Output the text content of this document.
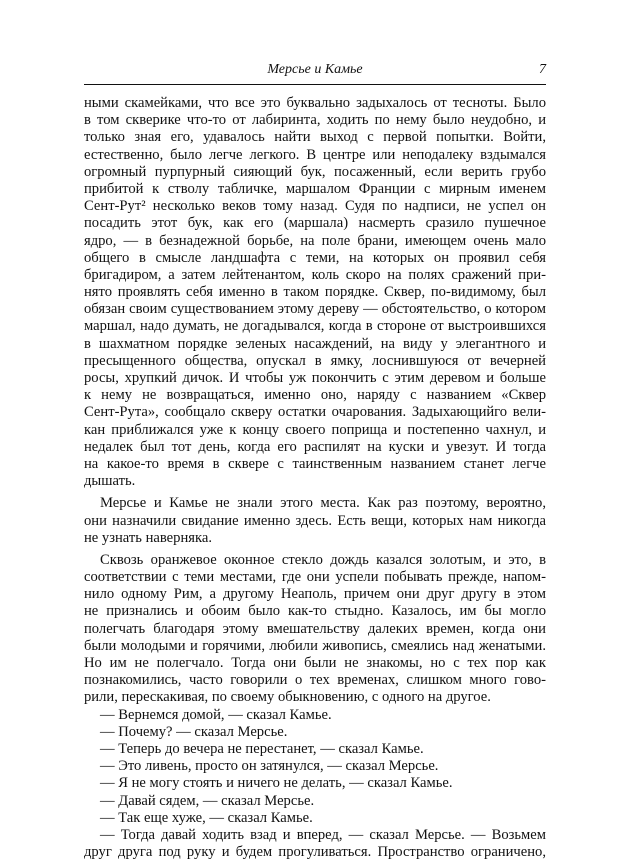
Мерсье и Камье	7
ными скамейками, что все это буквально задыхалось от тесноты. Было
в том скверике что-то от лабиринта, ходить по нему было неудобно, и
только зная его, удавалось найти выход с первой попытки. Войти,
естественно, было легче легкого. В центре или неподалеку вздымался
огромный пурпурный сияющий бук, посаженный, если верить грубо
прибитой к стволу табличке, маршалом Франции с мирным именем
Сент-Рут² несколько веков тому назад. Судя по надписи, не успел он
посадить этот бук, как его (маршала) насмерть сразило пушечное
ядро, — в безнадежной борьбе, на поле брани, имеющем очень мало
общего в смысле ландшафта с теми, на которых он проявил себя
бригадиром, а затем лейтенантом, коль скоро на полях сражений при-
нято проявлять себя именно в таком порядке. Сквер, по-видимому, был
обязан своим существованием этому дереву — обстоятельство, о котором
маршал, надо думать, не догадывался, когда в стороне от выстроившихся
в шахматном порядке зеленых насаждений, на виду у элегантного и
пресыщенного общества, опускал в ямку, лоснившуюся от вечерней
росы, хрупкий дичок. И чтобы уж покончить с этим деревом и больше
к нему не возвращаться, именно оно, наряду с названием «Сквер
Сент-Рута», сообщало скверу остатки очарования. Задыхающийго вели-
кан приближался уже к концу своего поприща и постепенно чахнул, и
недалек был тот день, когда его распилят на куски и увезут. И тогда
на какое-то время в сквере с таинственным названием станет легче
дышать.
Мерсье и Камье не знали этого места. Как раз поэтому, вероятно,
они назначили свидание именно здесь. Есть вещи, которых нам никогда
не узнать наверняка.
Сквозь оранжевое оконное стекло дождь казался золотым, и это, в
соответствии с теми местами, где они успели побывать прежде, напом-
нило одному Рим, а другому Неаполь, причем они друг другу в этом
не признались и обоим было как-то стыдно. Казалось, им бы могло
полегчать благодаря этому вмешательству далеких времен, когда они
были молодыми и горячими, любили живопись, смеялись над женатыми.
Но им не полегчало. Тогда они были не знакомы, но с тех пор как
познакомились, часто говорили о тех временах, слишком много гово-
рили, перескакивая, по своему обыкновению, с одного на другое.
— Вернемся домой, — сказал Камье.
— Почему? — сказал Мерсье.
— Теперь до вечера не перестанет, — сказал Камье.
— Это ливень, просто он затянулся, — сказал Мерсье.
— Я не могу стоять и ничего не делать, — сказал Камье.
— Давай сядем, — сказал Мерсье.
— Так еще хуже, — сказал Камье.
— Тогда давай ходить взад и вперед, — сказал Мерсье. — Возьмем
друг друга под руку и будем прогуливаться. Пространство ограничено,
